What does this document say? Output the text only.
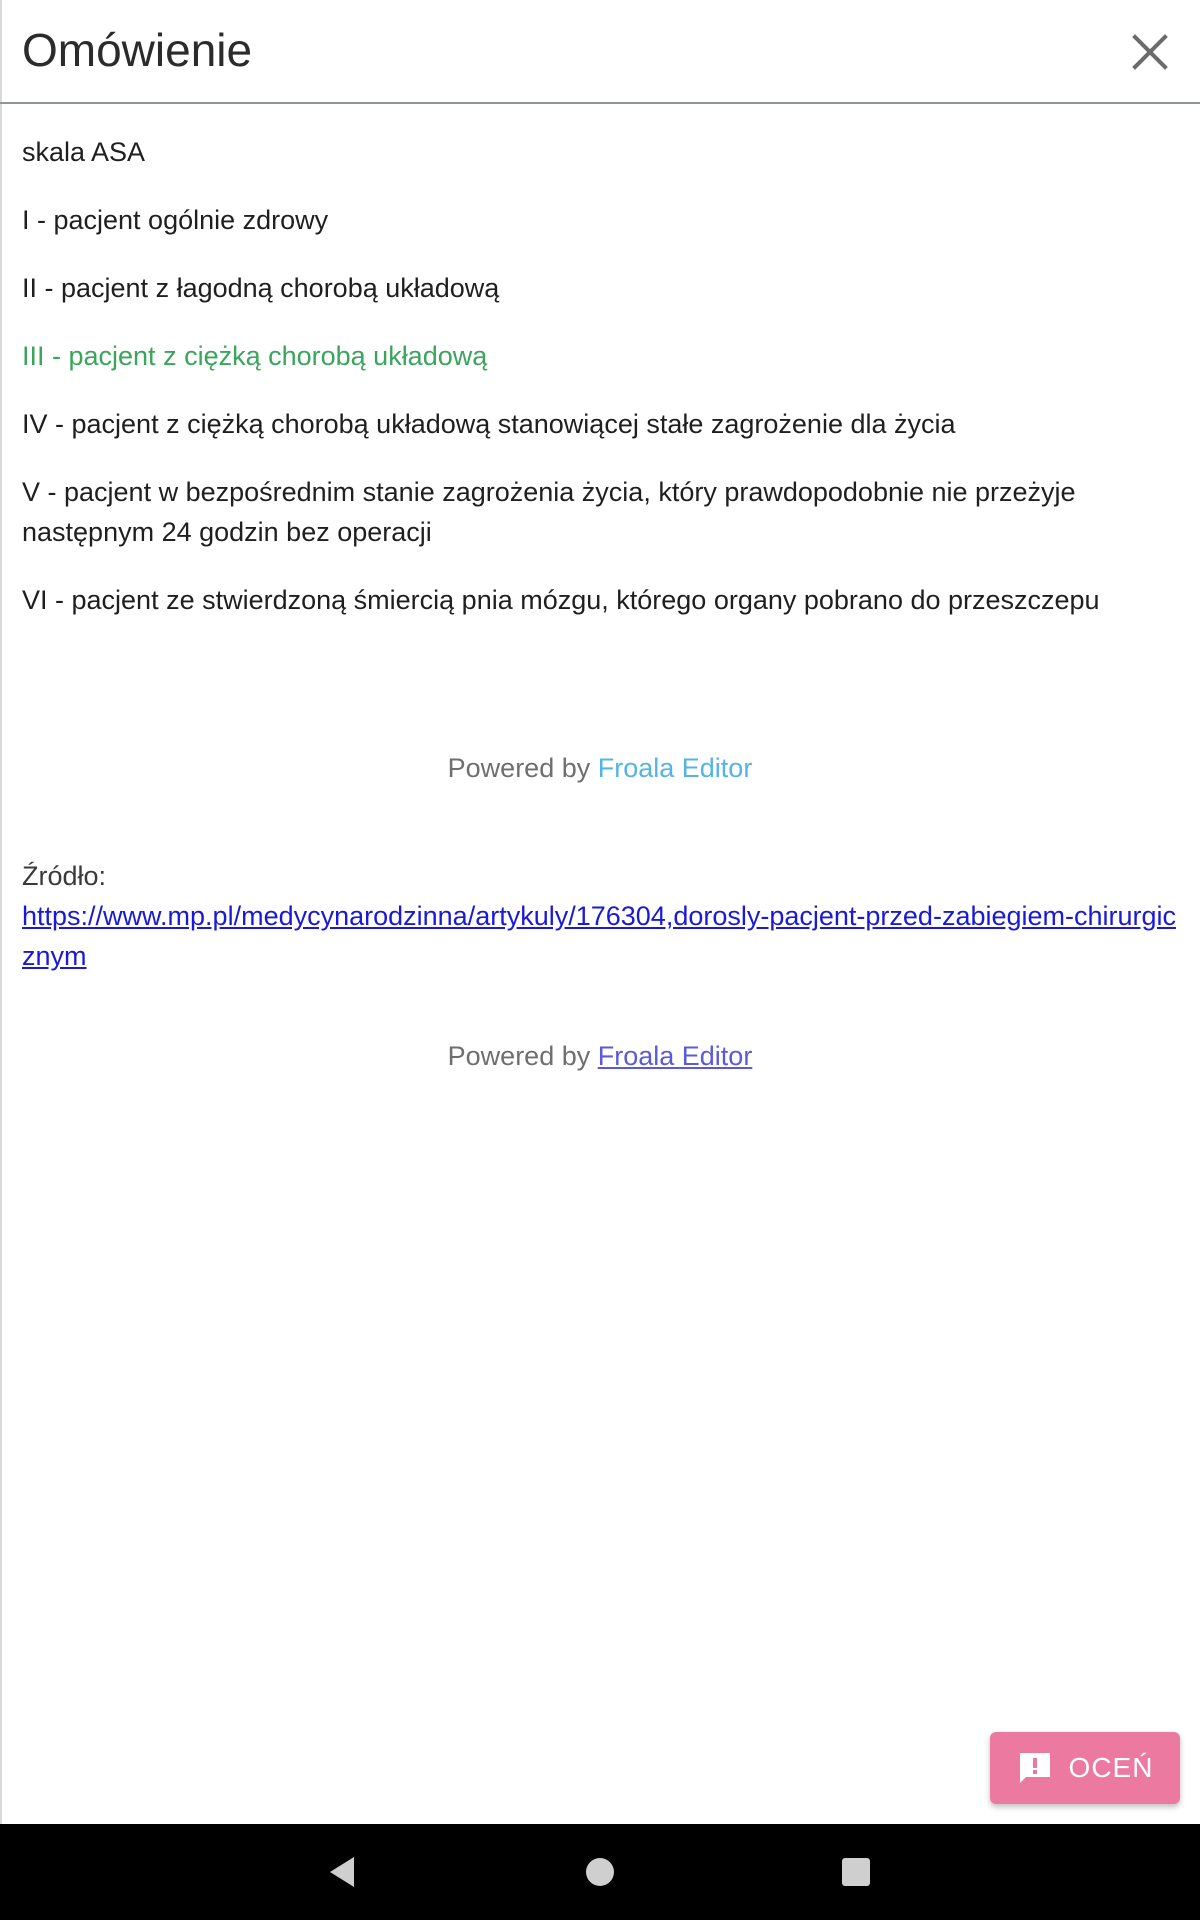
Omówienie

skala ASA

I - pacjent ogólnie zdrowy

II - pacjent z łagodną chorobą układową

III - pacjent z ciężką chorobą układową

IV - pacjent z ciężką chorobą układową stanowiącej stałe zagrożenie dla życia

V - pacjent w bezpośrednim stanie zagrożenia życia, który prawdopodobnie nie przeżyje następnym 24 godzin bez operacji

VI - pacjent ze stwierdzoną śmiercią pnia mózgu, którego organy pobrano do przeszczepu

Powered by Froala Editor
Źródło:
https://www.mp.pl/medycynarodzinna/artykuly/176304,dorosly-pacjent-przed-zabiegiem-chirurgicznym
Powered by Froala Editor
OCEŃ
